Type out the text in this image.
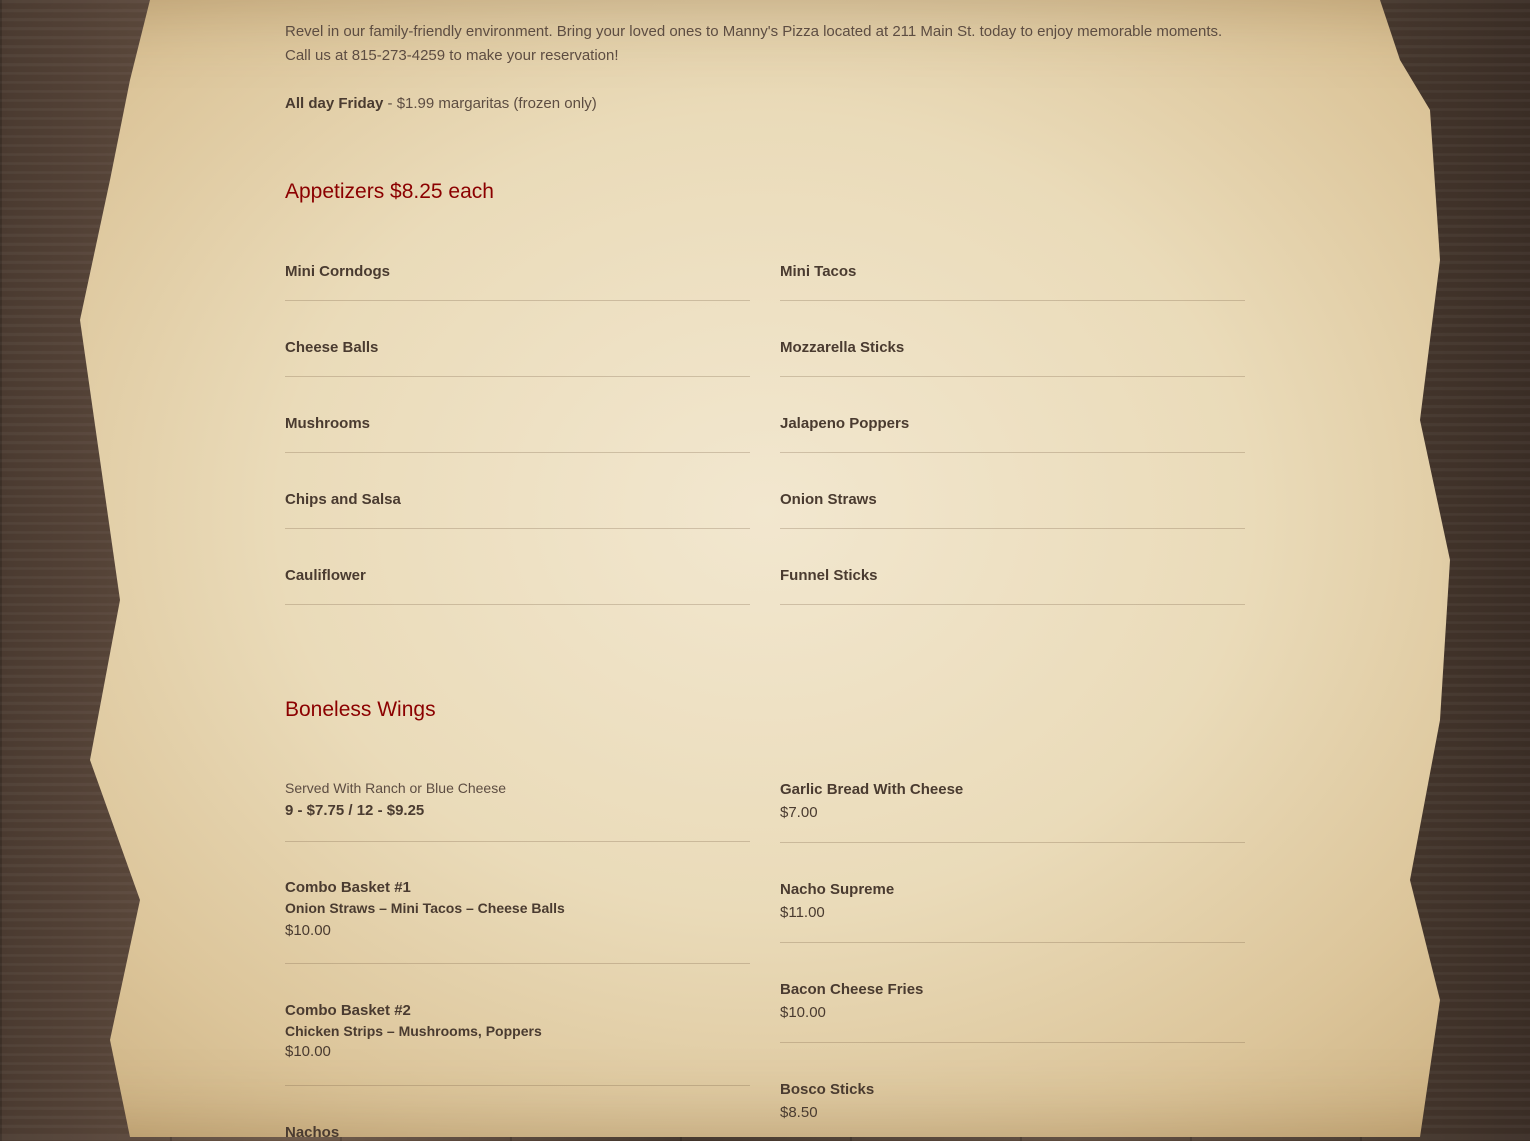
Revel in our family-friendly environment. Bring your loved ones to Manny's Pizza located at 211 Main St. today to enjoy memorable moments.
Call us at 815-273-4259 to make your reservation!
All day Friday - $1.99 margaritas (frozen only)
Appetizers $8.25 each
Mini Corndogs
Cheese Balls
Mushrooms
Chips and Salsa
Cauliflower
Mini Tacos
Mozzarella Sticks
Jalapeno Poppers
Onion Straws
Funnel Sticks
Boneless Wings
Served With Ranch or Blue Cheese
9 - $7.75 / 12 - $9.25
Combo Basket #1
Onion Straws – Mini Tacos – Cheese Balls
$10.00
Combo Basket #2
Chicken Strips – Mushrooms, Poppers
$10.00
Nachos
Garlic Bread With Cheese
$7.00
Nacho Supreme
$11.00
Bacon Cheese Fries
$10.00
Bosco Sticks
$8.50
